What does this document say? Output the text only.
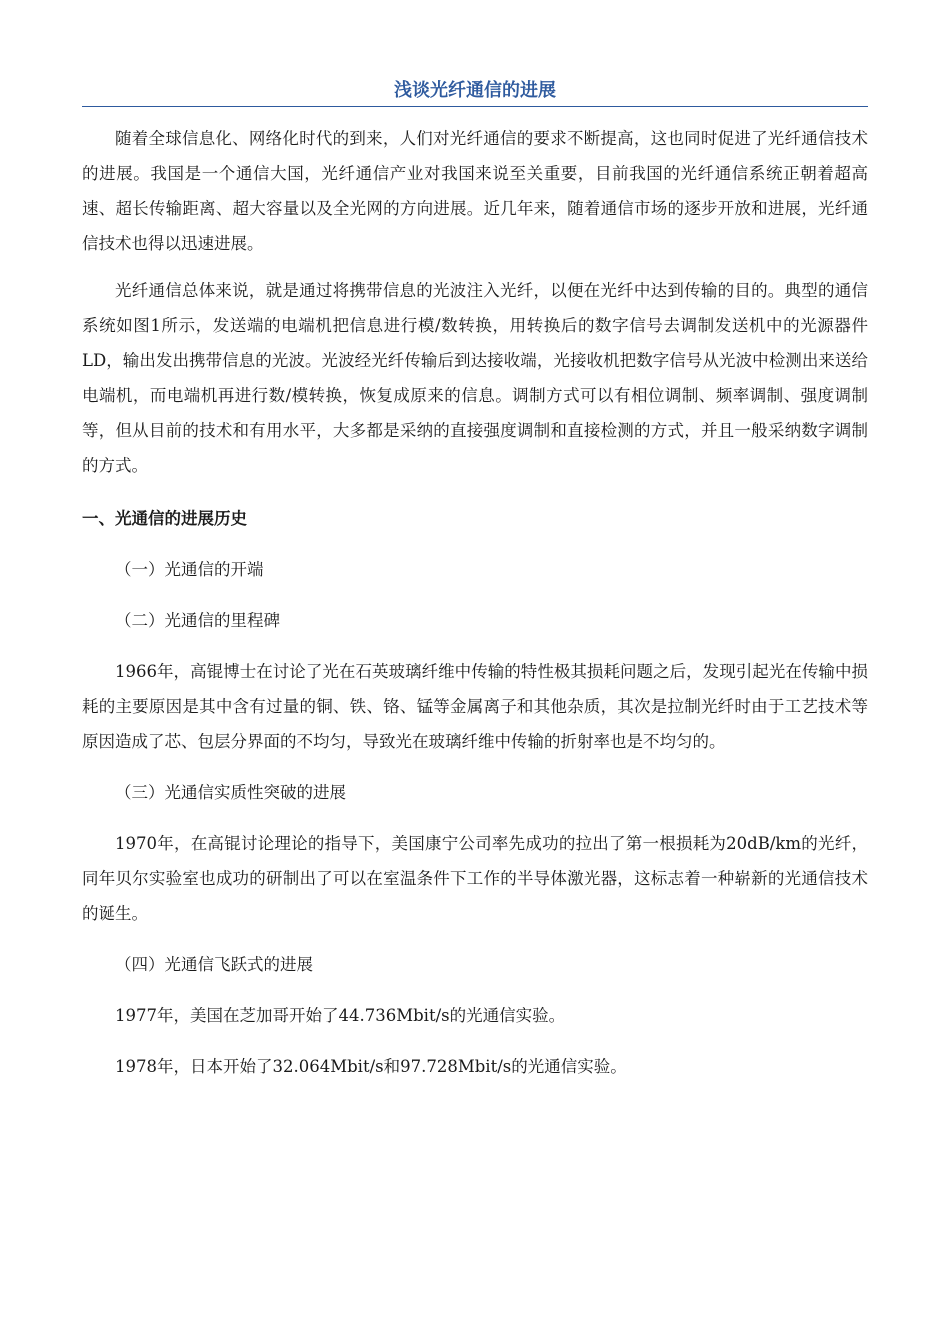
浅谈光纤通信的进展

随着全球信息化、网络化时代的到来，人们对光纤通信的要求不断提高，这也同时促进了光纤通信技术的进展。我国是一个通信大国，光纤通信产业对我国来说至关重要，目前我国的光纤通信系统正朝着超高速、超长传输距离、超大容量以及全光网的方向进展。近几年来，随着通信市场的逐步开放和进展，光纤通信技术也得以迅速进展。

光纤通信总体来说，就是通过将携带信息的光波注入光纤，以便在光纤中达到传输的目的。典型的通信系统如图1所示，发送端的电端机把信息进行模/数转换，用转换后的数字信号去调制发送机中的光源器件LD，输出发出携带信息的光波。光波经光纤传输后到达接收端，光接收机把数字信号从光波中检测出来送给电端机，而电端机再进行数/模转换，恢复成原来的信息。调制方式可以有相位调制、频率调制、强度调制等，但从目前的技术和有用水平，大多都是采纳的直接强度调制和直接检测的方式，并且一般采纳数字调制的方式。

一、光通信的进展历史

（一）光通信的开端

（二）光通信的里程碑

1966年，高锟博士在讨论了光在石英玻璃纤维中传输的特性极其损耗问题之后，发现引起光在传输中损耗的主要原因是其中含有过量的铜、铁、铬、锰等金属离子和其他杂质，其次是拉制光纤时由于工艺技术等原因造成了芯、包层分界面的不均匀，导致光在玻璃纤维中传输的折射率也是不均匀的。

（三）光通信实质性突破的进展

1970年，在高锟讨论理论的指导下，美国康宁公司率先成功的拉出了第一根损耗为20dB/km的光纤，同年贝尔实验室也成功的研制出了可以在室温条件下工作的半导体激光器，这标志着一种崭新的光通信技术的诞生。

（四）光通信飞跃式的进展

1977年，美国在芝加哥开始了44.736Mbit/s的光通信实验。

1978年，日本开始了32.064Mbit/s和97.728Mbit/s的光通信实验。
